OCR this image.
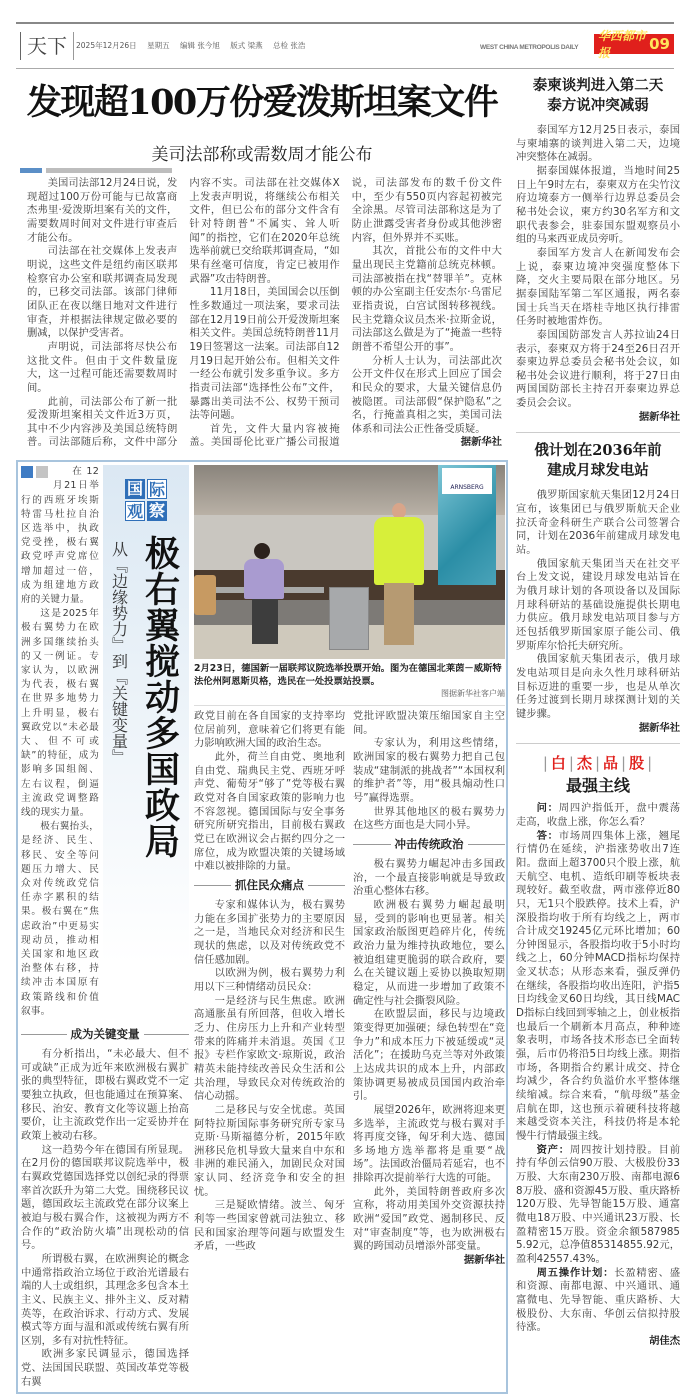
天下	2025年12月26日 星期五 编辑 张今旭 版式 梁燕 总检 张浩	WEST CHINA METROPOLIS DAILY
华西都市报	09
发现超100万份爱泼斯坦案文件
美司法部称或需数周才能公布

美国司法部12月24日说，发现超过100万份可能与已故富商杰弗里·爱泼斯坦案有关的文件，需要数周时间对文件进行审查后才能公布。

司法部在社交媒体上发表声明说，这些文件是纽约南区联邦检察官办公室和联邦调查局发现的，已移交司法部。该部门律师团队正在夜以继日地对文件进行审查，并根据法律规定做必要的删减，以保护受害者。

声明说，司法部将尽快公布这批文件。但由于文件数量庞大，这一过程可能还需要数周时间。

此前，司法部公布了新一批爱泼斯坦案相关文件近3万页，其中不少内容涉及美国总统特朗普。司法部随后称，文件中部分内容不实。司法部在社交媒体X上发表声明说，将继续公布相关文件，但已公布的部分文件含有针对特朗普“不属实、耸人听闻”的指控，它们在2020年总统选举前就已交给联邦调查局，“如果有丝毫可信度，肯定已被用作武器”攻击特朗普。

11月18日，美国国会以压倒性多数通过一项法案，要求司法部在12月19日前公开爱泼斯坦案相关文件。美国总统特朗普11月19日签署这一法案。司法部自12月19日起开始公布。但相关文件一经公布就引发多重争议。多方指责司法部“选择性公布”文件，暴露出美司法不公、权势干预司法等问题。

首先，文件大量内容被掩盖。美国哥伦比亚广播公司报道说，司法部发布的数千份文件中，至少有550页内容起初被完全涂黑。尽管司法部称这是为了防止泄露受害者身份或其他涉密内容，但外界并不买账。

其次，首批公布的文件中大量出现民主党籍前总统克林顿。司法部被指在找“替罪羊”。克林顿的办公室副主任安杰尔·乌雷尼亚指责说，白宫试图转移视线。民主党籍众议员杰米·拉斯金说，司法部这么做是为了“掩盖一些特朗普不希望公开的事”。

分析人士认为，司法部此次公开文件仅在形式上回应了国会和民众的要求，大量关键信息仍被隐匿。司法部假“保护隐私”之名，行掩盖真相之实，美国司法体系和司法公正性备受质疑。

据新华社

在12月21日举行的西班牙埃斯特雷马杜拉自治区选举中，执政党受挫，极右翼政党呼声党席位增加超过一倍，成为组建地方政府的关键力量。

这是2025年极右翼势力在欧洲多国继续抬头的又一例证。专家认为，以欧洲为代表，极右翼在世界多地势力上升明显，极右翼政党以“未必最大、但不可或缺”的特征，成为影响多国组阁、左右议程，倒逼主流政党调整路线的现实力量。

极右翼抬头，是经济、民生、移民、安全等问题压力增大、民众对传统政党信任赤字累积的结果。极右翼在“焦虑政治”中更易实现动员，推动相关国家和地区政治整体右移，持续冲击本国原有政策路线和价值叙事。

国 际
观 察
从『边缘势力』到『关键变量』 极右翼搅动多国政局
成为关键变量

有分析指出，“未必最大、但不可或缺”正成为近年来欧洲极右翼扩张的典型特征，即极右翼政党不一定要独立执政，但也能通过在预算案、移民、治安、教育文化等议题上抬高要价，让主流政党作出一定妥协并在政策上被动右移。

这一趋势今年在德国有所显现。在2月份的德国联邦议院选举中，极右翼政党德国选择党以创纪录的得票率首次跃升为第二大党。围绕移民议题，德国政坛主流政党在部分议案上被迫与极右翼合作，这被视为两方不合作的“政治防火墙”出现松动的信号。

所谓极右翼，在欧洲舆论的概念中通常指政治立场位于政治光谱最右端的人士或组织，其理念多包含本土主义、民族主义、排外主义、反对精英等，在政治诉求、行动方式、发展模式等方面与温和派或传统右翼有所区别，多有对抗性特征。

欧洲多家民调显示，德国选择党、法国国民联盟、英国改革党等极右翼

ARNSBERG
2月23日，德国新一届联邦议院选举投票开始。图为在德国北莱茵－威斯特法伦州阿恩斯贝格，选民在一处投票站投票。
图据新华社客户端

政党目前在各自国家的支持率均位居前列，意味着它们将更有能力影响欧洲大国的政治生态。

此外，荷兰自由党、奥地利自由党、瑞典民主党、西班牙呼声党、葡萄牙“够了”党等极右翼政党对各自国家政策的影响力也不容忽视。德国国际与安全事务研究所研究指出，目前极右翼政党已在欧洲议会占据约四分之一席位，成为欧盟决策的关键场域中难以被排除的力量。

抓住民众痛点

专家和媒体认为，极右翼势力能在多国扩张势力的主要原因之一是，当地民众对经济和民生现状的焦虑，以及对传统政党不信任感加剧。

以欧洲为例，极右翼势力利用以下三种情绪动员民众：

一是经济与民生焦虑。欧洲高通胀虽有所回落，但收入增长乏力、住房压力上升和产业转型带来的阵痛并未消退。英国《卫报》专栏作家欧文·琼斯说，政治精英未能持续改善民众生活和公共治理，导致民众对传统政治的信心动摇。

二是移民与安全忧虑。英国阿特拉斯国际事务研究所专家马克斯·马斯福德分析，2015年欧洲移民危机导致大量来自中东和非洲的难民涌入，加剧民众对国家认同、经济竞争和安全的担忧。

三是疑欧情绪。波兰、匈牙利等一些国家曾就司法独立、移民和国家治理等问题与欧盟发生矛盾，一些政

党批评欧盟决策压缩国家自主空间。

专家认为，利用这些情绪，欧洲国家的极右翼势力把自己包装成“建制派的挑战者”“本国权利的维护者”等，用“极具煽动性口号”赢得选票。

世界其他地区的极右翼势力在这些方面也是大同小异。

冲击传统政治

极右翼势力崛起冲击多国政治，一个最直接影响就是导致政治重心整体右移。

欧洲极右翼势力崛起最明显，受到的影响也更显著。相关国家政治版图更趋碎片化，传统政治力量为维持执政地位，要么被迫组建更脆弱的联合政府，要么在关键议题上妥协以换取短期稳定，从而进一步增加了政策不确定性与社会撕裂风险。

在欧盟层面，移民与边境政策变得更加强硬；绿色转型在“竞争力”和成本压力下被延缓或“灵活化”；在援助乌克兰等对外政策上达成共识的成本上升，内部政策协调更易被成员国国内政治牵引。

展望2026年，欧洲将迎来更多选举，主流政党与极右翼对手将再度交锋，匈牙利大选、德国多场地方选举都将是重要“战场”。法国政治僵局若延宕，也不排除再次提前举行大选的可能。

此外，美国特朗普政府多次宣称，将动用美国外交资源扶持欧洲“爱国”政党、遏制移民、反对“审查制度”等，也为欧洲极右翼的跨国动员增添外部变量。

据新华社

泰柬谈判进入第二天
泰方说冲突减弱

泰国军方12月25日表示，泰国与柬埔寨的谈判进入第二天，边境冲突整体在减弱。

据泰国媒体报道，当地时间25日上午9时左右，泰柬双方在尖竹汶府边境泰方一侧举行边界总委员会秘书处会议，柬方约30名军方和文职代表参会，驻泰国东盟观察员小组的马来西亚成员旁听。

泰国军方发言人在新闻发布会上说，泰柬边境冲突强度整体下降，交火主要局限在部分地区。另据泰国陆军第二军区通报，两名泰国士兵当天在塔桂寺地区执行排雷任务时被地雷炸伤。

泰国国防部发言人苏拉讪24日表示，泰柬双方将于24至26日召开泰柬边界总委员会秘书处会议，如秘书处会议进行顺利，将于27日由两国国防部长主持召开泰柬边界总委员会会议。

据新华社

俄计划在2036年前
建成月球发电站

俄罗斯国家航天集团12月24日宣布，该集团已与俄罗斯航天企业拉沃奇金科研生产联合公司签署合同，计划在2036年前建成月球发电站。

俄国家航天集团当天在社交平台上发文说，建设月球发电站旨在为俄月球计划的各项设备以及国际月球科研站的基础设施提供长期电力供应。俄月球发电站项目参与方还包括俄罗斯国家原子能公司、俄罗斯库尔恰托夫研究所。

俄国家航天集团表示，俄月球发电站项目是向永久性月球科研站目标迈进的重要一步，也是从单次任务过渡到长期月球探测计划的关键步骤。

据新华社

| 白 | 杰 | 品 | 股 |
最强主线

问：周四沪指低开，盘中震荡走高，收盘上涨，你怎么看？

答：市场周四集体上涨，翘尾行情仍在延续，沪指涨势收出7连阳。盘面上超3700只个股上涨，航天航空、电机、造纸印刷等板块表现较好。截至收盘，两市涨停近80只，无1只个股跌停。技术上看，沪深股指均收于所有均线之上，两市合计成交19245亿元环比增加；60分钟图显示，各股指均收于5小时均线之上，60分钟MACD指标均保持金叉状态；从形态来看，强反弹仍在继续，各股指均收出连阳，沪指5日均线金叉60日均线，其日线MACD指标白线回到零轴之上，创业板指也最后一个刷新本月高点，种种迹象表明，市场各技术形态已全面转强，后市仍将沿5日均线上涨。期指市场，各期指合约累计成交、持仓均减少，各合约负溢价水平整体继续缩减。综合来看，“航母级”基金启航在即，这也预示着硬科技将越来越受资本关注，科技仍将是本轮慢牛行情最强主线。

资产：周四按计划持股。目前持有华创云信90万股、大极股份33万股、大东南230万股、南都电源68万股、盛和资源45万股、重庆路桥120万股、先导智能15万股、通富微电18万股、中兴通讯23万股、长盈精密15万股。资金余额5879855.92元，总净值85314855.92元，盈利42557.43%。

周五操作计划：长盈精密、盛和资源、南都电源、中兴通讯、通富微电、先导智能、重庆路桥、大极股份、大东南、华创云信拟持股待涨。

胡佳杰
